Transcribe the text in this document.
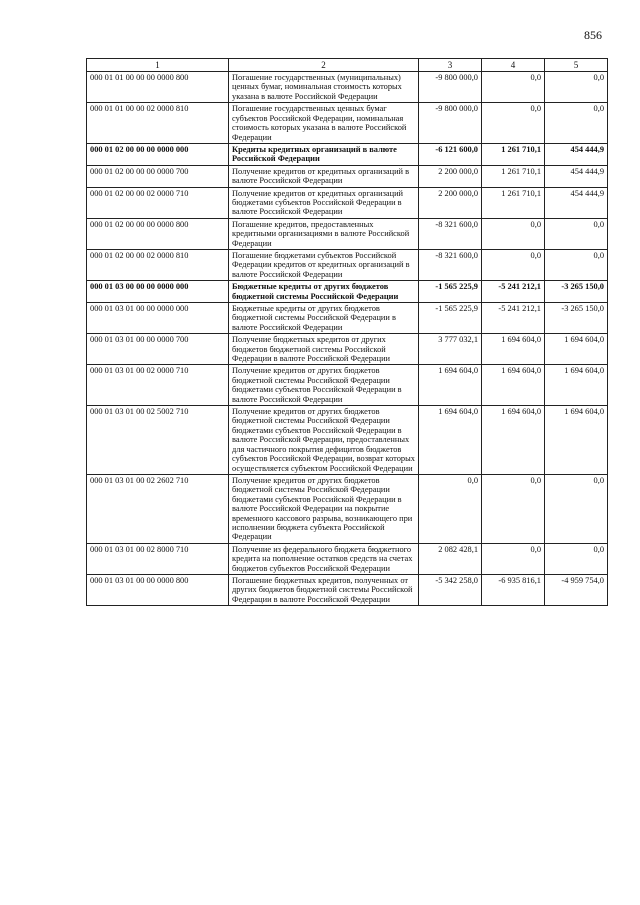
856
1	2	3	4	5
000 01 01 00 00 00 0000 800	Погашение государственных (муниципальных) ценных бумаг, номинальная стоимость которых указана в валюте Российской Федерации	-9 800 000,0	0,0	0,0
000 01 01 00 00 02 0000 810	Погашение государственных ценных бумаг субъектов Российской Федерации, номинальная стоимость которых указана в валюте Российской Федерации	-9 800 000,0	0,0	0,0
000 01 02 00 00 00 0000 000	Кредиты кредитных организаций в валюте Российской Федерации	-6 121 600,0	1 261 710,1	454 444,9
000 01 02 00 00 00 0000 700	Получение кредитов от кредитных организаций в валюте Российской Федерации	2 200 000,0	1 261 710,1	454 444,9
000 01 02 00 00 02 0000 710	Получение кредитов от кредитных организаций бюджетами субъектов Российской Федерации в валюте Российской Федерации	2 200 000,0	1 261 710,1	454 444,9
000 01 02 00 00 00 0000 800	Погашение кредитов, предоставленных кредитными организациями в валюте Российской Федерации	-8 321 600,0	0,0	0,0
000 01 02 00 00 02 0000 810	Погашение бюджетами субъектов Российской Федерации кредитов от кредитных организаций в валюте Российской Федерации	-8 321 600,0	0,0	0,0
000 01 03 00 00 00 0000 000	Бюджетные кредиты от других бюджетов бюджетной системы Российской Федерации	-1 565 225,9	-5 241 212,1	-3 265 150,0
000 01 03 01 00 00 0000 000	Бюджетные кредиты от других бюджетов бюджетной системы Российской Федерации в валюте Российской Федерации	-1 565 225,9	-5 241 212,1	-3 265 150,0
000 01 03 01 00 00 0000 700	Получение бюджетных кредитов от других бюджетов бюджетной системы Российской Федерации в валюте Российской Федерации	3 777 032,1	1 694 604,0	1 694 604,0
000 01 03 01 00 02 0000 710	Получение кредитов от других бюджетов бюджетной системы Российской Федерации бюджетами субъектов Российской Федерации в валюте Российской Федерации	1 694 604,0	1 694 604,0	1 694 604,0
000 01 03 01 00 02 5002 710	Получение кредитов от других бюджетов бюджетной системы Российской Федерации бюджетами субъектов Российской Федерации в валюте Российской Федерации, предоставленных для частичного покрытия дефицитов бюджетов субъектов Российской Федерации, возврат которых осуществляется субъектом Российской Федерации	1 694 604,0	1 694 604,0	1 694 604,0
000 01 03 01 00 02 2602 710	Получение кредитов от других бюджетов бюджетной системы Российской Федерации бюджетами субъектов Российской Федерации в валюте Российской Федерации на покрытие временного кассового разрыва, возникающего при исполнении бюджета субъекта Российской Федерации	0,0	0,0	0,0
000 01 03 01 00 02 8000 710	Получение из федерального бюджета бюджетного кредита на пополнение остатков средств на счетах бюджетов субъектов Российской Федерации	2 082 428,1	0,0	0,0
000 01 03 01 00 00 0000 800	Погашение бюджетных кредитов, полученных от других бюджетов бюджетной системы Российской Федерации в валюте Российской Федерации	-5 342 258,0	-6 935 816,1	-4 959 754,0
